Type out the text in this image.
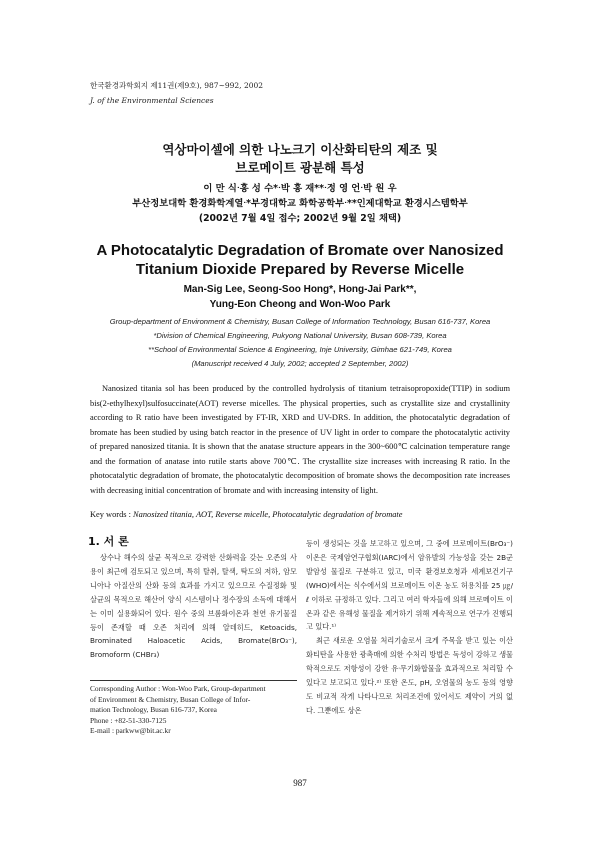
한국환경과학회지 제11권(제9호), 987~992, 2002
J. of the Environmental Sciences
역상마이셀에 의한 나노크기 이산화티탄의 제조 및
브로메이트 광분해 특성
이 만 식ᐧ홍 성 수*ᐧ박 홍 재**ᐧ정 영 언ᐧ박 원 우
부산정보대학 환경화학계열ᐧ*부경대학교 화학공학부ᐧ**인제대학교 환경시스템학부
(2002년 7월 4일 접수; 2002년 9월 2일 채택)
A Photocatalytic Degradation of Bromate over Nanosized
Titanium Dioxide Prepared by Reverse Micelle
Man-Sig Lee, Seong-Soo Hong*, Hong-Jai Park**,
Yung-Eon Cheong and Won-Woo Park
Group-department of Environment & Chemistry, Busan College of Information Technology, Busan 616-737, Korea
*Division of Chemical Engineering, Pukyong National University, Busan 608-739, Korea
**School of Environmental Science & Engineering, Inje University, Gimhae 621-749, Korea
(Manuscript received 4 July, 2002; accepted 2 September, 2002)

Nanosized titania sol has been produced by the controlled hydrolysis of titanium tetraisopropoxide(TTIP) in sodium bis(2-ethylhexyl)sulfosuccinate(AOT) reverse micelles. The physical properties, such as crystallite size and crystallinity according to R ratio have been investigated by FT-IR, XRD and UV-DRS. In addition, the photocatalytic degradation of bromate has been studied by using batch reactor in the presence of UV light in order to compare the photocatalytic activity of prepared nanosized titania. It is shown that the anatase structure appears in the 300~600℃ calcination temperature range and the formation of anatase into rutile starts above 700℃. The crystallite size increases with increasing R ratio. In the photocatalytic degradation of bromate, the photocatalytic decomposition of bromate shows the decomposition rate increases with decreasing initial concentration of bromate and with increasing intensity of light.

Key words : Nanosized titania, AOT, Reverse micelle, Photocatalytic degradation of bromate
1. 서 론

상수나 해수의 살균 목적으로 강력한 산화력을 갖는 오존의 사용이 최근에 검토되고 있으며, 특히 탈취, 탈색, 탁도의 저하, 암모니아나 아질산의 산화 등의 효과를 가지고 있으므로 수질정화 및 살균의 목적으로 해산어 양식 시스템이나 정수장의 소독에 대해서는 이미 실용화되어 있다. 원수 중의 브롬화이온과 천연 유기물질 등이 존재할 때 오존 처리에 의해 알데히드, Ketoacids, Brominated Haloacetic Acids, Bromate(BrO₃⁻), Bromoform (CHBr₃)

등이 생성되는 것을 보고하고 있으며, 그 중에 브로메이트(BrO₃⁻)이온은 국제암연구협회(IARC)에서 암유발의 가능성을 갖는 2B군 발암성 물질로 구분하고 있고, 미국 환경보호청과 세계보건기구(WHO)에서는 식수에서의 브로메이트 이온 농도 허용치를 25 ㎍/ℓ 이하로 규정하고 있다. 그리고 여러 학자들에 의해 브로메이트 이온과 같은 유해성 물질을 제거하기 위해 계속적으로 연구가 진행되고 있다.¹⁾

최근 새로운 오염물 처리기술로서 크게 주목을 받고 있는 이산화티탄을 사용한 광촉매에 의한 수처리 방법은 독성이 강하고 생물학적으로도 저항성이 강한 유ᐧ무기화합물을 효과적으로 처리할 수 있다고 보고되고 있다.²⁾ 또한 온도, pH, 오염물의 농도 등의 영향도 비교적 작게 나타나므로 처리조건에 있어서도 제약이 거의 없다. 그뿐에도 상온

Corresponding Author : Won-Woo Park, Group-department
of Environment & Chemistry, Busan College of Infor-
mation Technology, Busan 616-737, Korea
Phone : +82-51-330-7125
E-mail : parkww@bit.ac.kr
987
